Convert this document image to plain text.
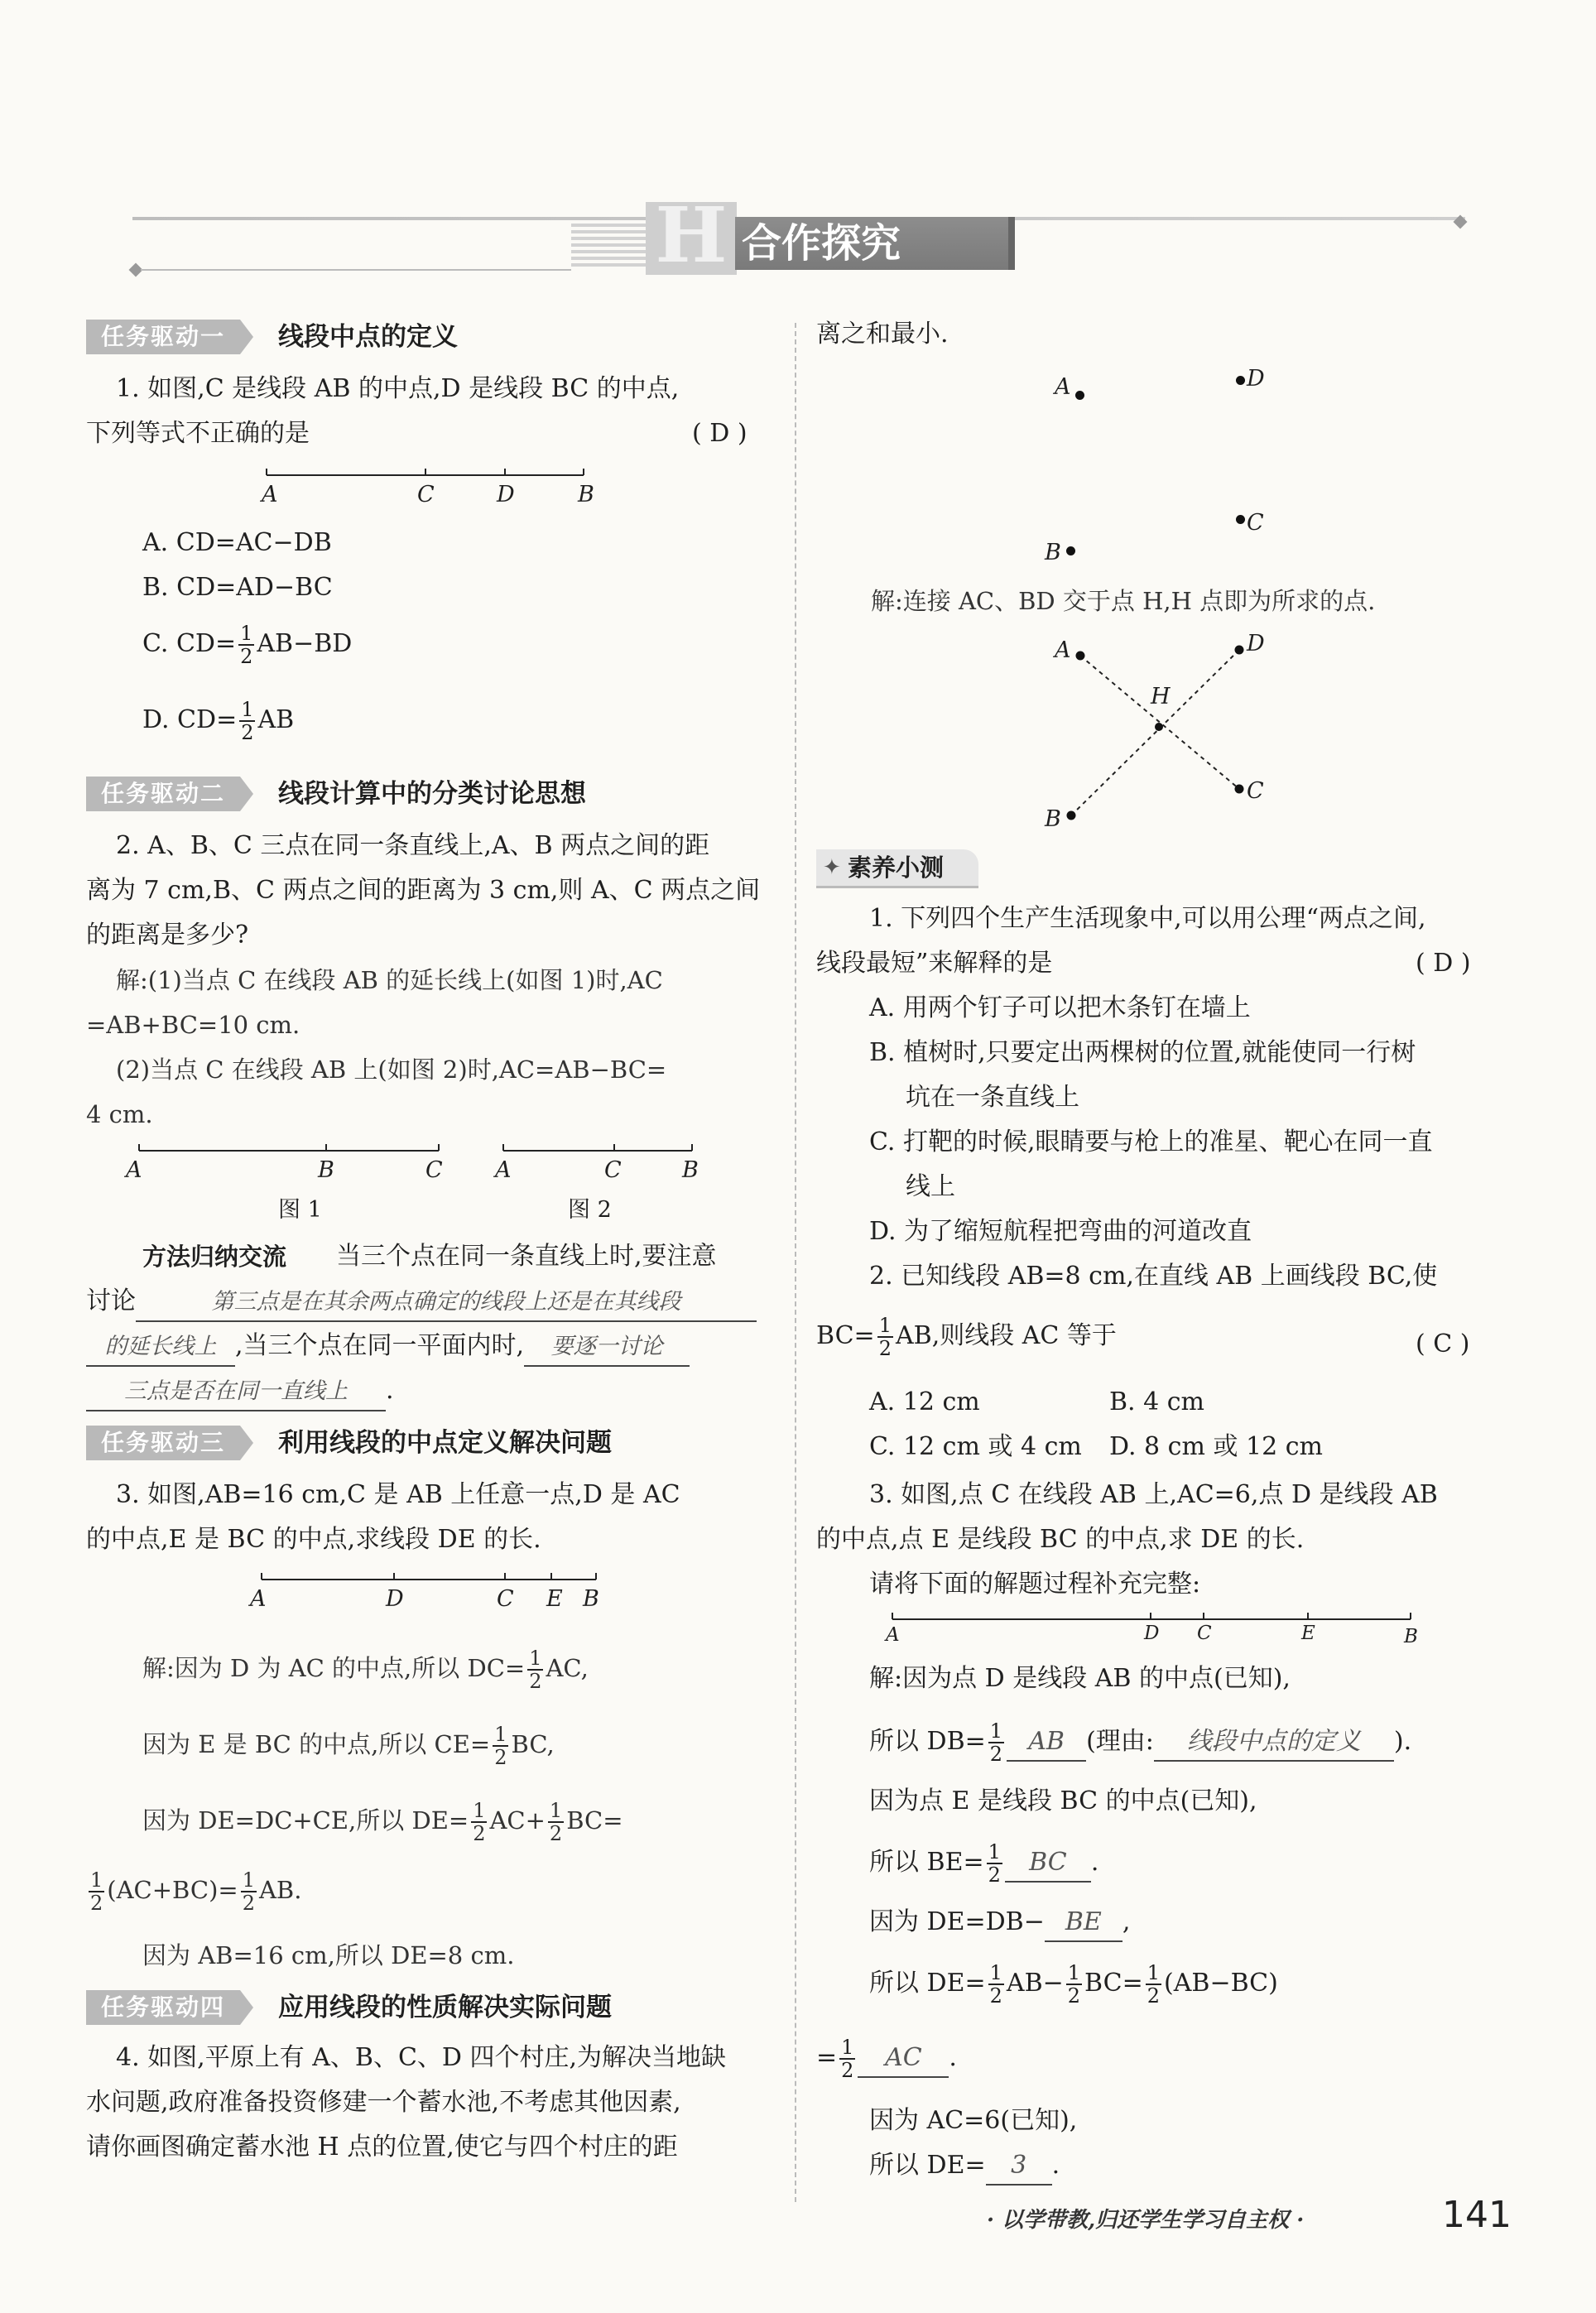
H 合作探究
任务驱动一	线段中点的定义
1. 如图,C 是线段 AB 的中点,D 是线段 BC 的中点,
下列等式不正确的是	( D )
A	C	D	B
A. CD=AC−DB
B. CD=AD−BC
C. $CD= \frac{1}{2} AB-BD$
D. $CD= \frac{1}{2}$ AB
任务驱动二	线段计算中的分类讨论思想
2. A、B、C 三点在同一条直线上,A、B 两点之间的距
离为 7 cm,B、C 两点之间的距离为 3 cm,则 A、C 两点之间
的距离是多少?
解:(1)当点 C 在线段 AB 的延长线上(如图 1)时,AC
=AB+BC=10 cm.
(2)当点 C 在线段 AB 上(如图 2)时,AC=AB−BC=
4 cm.
A	B	C
图 1
A	C	B
图 2
方法归纳交流 当三个点在同一条直线上时,要注意
讨论	第三点是在其余两点确定的线段上还是在其线段
的延长线上 ,当三个点在同一平面内时, 要逐一讨论
三点是否在同一直线上 .
任务驱动三	利用线段的中点定义解决问题
3. 如图,AB=16 cm,C 是 AB 上任意一点,D 是 AC
的中点,E 是 BC 的中点,求线段 DE 的长.
A	D	C E B
解:因为 D 为 AC 的中点,所以 $DC= \frac{1}{2}$ AC,
因为 E 是 BC 的中点,所以 $CE= \frac{1}{2}$ BC,
因为 DE=DC+CE,所以 $DE= \frac{1}{2} AC+ \frac{1}{2} BC=$
$\frac{1}{2} (AC+BC)= \frac{1}{2}$ AB.
因为 AB=16 cm,所以 DE=8 cm.
任务驱动四	应用线段的性质解决实际问题
4. 如图,平原上有 A、B、C、D 四个村庄,为解决当地缺
水问题,政府准备投资修建一个蓄水池,不考虑其他因素,
请你画图确定蓄水池 H 点的位置,使它与四个村庄的距
离之和最小.
A	D
C
B
解:连接 AC、BD 交于点 H,H 点即为所求的点.
A	D
H
C
B
✦ 素养小测
1. 下列四个生产生活现象中,可以用公理“两点之间,
线段最短”来解释的是	( D )
A. 用两个钉子可以把木条钉在墙上
B. 植树时,只要定出两棵树的位置,就能使同一行树
坑在一条直线上
C. 打靶的时候,眼睛要与枪上的准星、靶心在同一直
线上
D. 为了缩短航程把弯曲的河道改直
2. 已知线段 AB=8 cm,在直线 AB 上画线段 BC,使
$BC= \frac{1}{2}$ AB,则线段 AC 等于	( C )
A. 12 cm	B. 4 cm
C. 12 cm 或 4 cm D. 8 cm 或 12 cm
3. 如图,点 C 在线段 AB 上,AC=6,点 D 是线段 AB
的中点,点 E 是线段 BC 的中点,求 DE 的长.
请将下面的解题过程补充完整:
A	D C	E	B
解:因为点 D 是线段 AB 的中点(已知),
所以 $DB= \frac{1}{2}$ AB (理由: 线段中点的定义 ).
因为点 E 是线段 BC 的中点(已知),
所以 $BE= \frac{1}{2}$ BC .
因为 DE=DB− BE ,
所以 $DE= \frac{1}{2} AB- \frac{1}{2} BC= \frac{1}{2} (AB-BC)$
= $\frac{1}{2}$ AC .
因为 AC=6(已知),
所以 DE= 3 .
· 以学带教,归还学生学习自主权 ·	141
